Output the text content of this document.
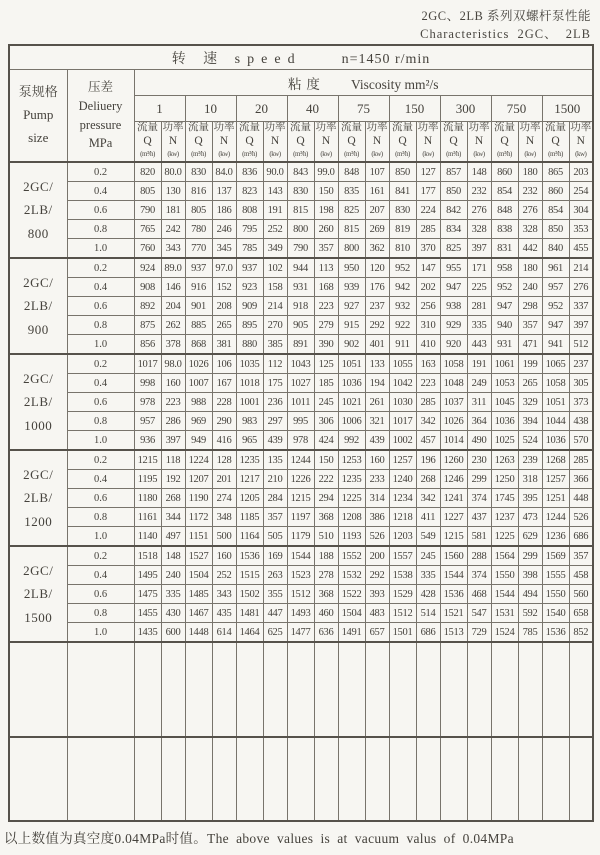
2GC、2LB 系列双螺杆泵性能
Characteristics 2GC、 2LB
转 速 speed n=1450 r/min																			
泵规格
Pump
size	压差
Deliuery
pressure
MPa	粘度 Viscosity mm²/s																	
		1		10		20		40		75		150		300		750		1500	
		流量
Q
(m³/h)	功率
N
(kw)	流量
Q
(m³/h)	功率
N
(kw)	流量
Q
(m³/h)	功率
N
(kw)	流量
Q
(m³/h)	功率
N
(kw)	流量
Q
(m³/h)	功率
N
(kw)	流量
Q
(m³/h)	功率
N
(kw)	流量
Q
(m³/h)	功率
N
(kw)	流量
Q
(m³/h)	功率
N
(kw)	流量
Q
(m³/h)	功率
N
(kw)
2GC/
2LB/
800	0.2	820	80.0	830	84.0	836	90.0	843	99.0	848	107	850	127	857	148	860	180	865	203
	0.4	805	130	816	137	823	143	830	150	835	161	841	177	850	232	854	232	860	254
	0.6	790	181	805	186	808	191	815	198	825	207	830	224	842	276	848	276	854	304
	0.8	765	242	780	246	795	252	800	260	815	269	819	285	834	328	838	328	850	353
	1.0	760	343	770	345	785	349	790	357	800	362	810	370	825	397	831	442	840	455
2GC/
2LB/
900	0.2	924	89.0	937	97.0	937	102	944	113	950	120	952	147	955	171	958	180	961	214
	0.4	908	146	916	152	923	158	931	168	939	176	942	202	947	225	952	240	957	276
	0.6	892	204	901	208	909	214	918	223	927	237	932	256	938	281	947	298	952	337
	0.8	875	262	885	265	895	270	905	279	915	292	922	310	929	335	940	357	947	397
	1.0	856	378	868	381	880	385	891	390	902	401	911	410	920	443	931	471	941	512
2GC/
2LB/
1000	0.2	1017	98.0	1026	106	1035	112	1043	125	1051	133	1055	163	1058	191	1061	199	1065	237
	0.4	998	160	1007	167	1018	175	1027	185	1036	194	1042	223	1048	249	1053	265	1058	305
	0.6	978	223	988	228	1001	236	1011	245	1021	261	1030	285	1037	311	1045	329	1051	373
	0.8	957	286	969	290	983	297	995	306	1006	321	1017	342	1026	364	1036	394	1044	438
	1.0	936	397	949	416	965	439	978	424	992	439	1002	457	1014	490	1025	524	1036	570
2GC/
2LB/
1200	0.2	1215	118	1224	128	1235	135	1244	150	1253	160	1257	196	1260	230	1263	239	1268	285
	0.4	1195	192	1207	201	1217	210	1226	222	1235	233	1240	268	1246	299	1250	318	1257	366
	0.6	1180	268	1190	274	1205	284	1215	294	1225	314	1234	342	1241	374	1745	395	1251	448
	0.8	1161	344	1172	348	1185	357	1197	368	1208	386	1218	411	1227	437	1237	473	1244	526
	1.0	1140	497	1151	500	1164	505	1179	510	1193	526	1203	549	1215	581	1225	629	1236	686
2GC/
2LB/
1500	0.2	1518	148	1527	160	1536	169	1544	188	1552	200	1557	245	1560	288	1564	299	1569	357
	0.4	1495	240	1504	252	1515	263	1523	278	1532	292	1538	335	1544	374	1550	398	1555	458
	0.6	1475	335	1485	343	1502	355	1512	368	1522	393	1529	428	1536	468	1544	494	1550	560
	0.8	1455	430	1467	435	1481	447	1493	460	1504	483	1512	514	1521	547	1531	592	1540	658
	1.0	1435	600	1448	614	1464	625	1477	636	1491	657	1501	686	1513	729	1524	785	1536	852

以上数值为真空度0.04MPa时值。The above values is at vacuum valus of 0.04MPa
